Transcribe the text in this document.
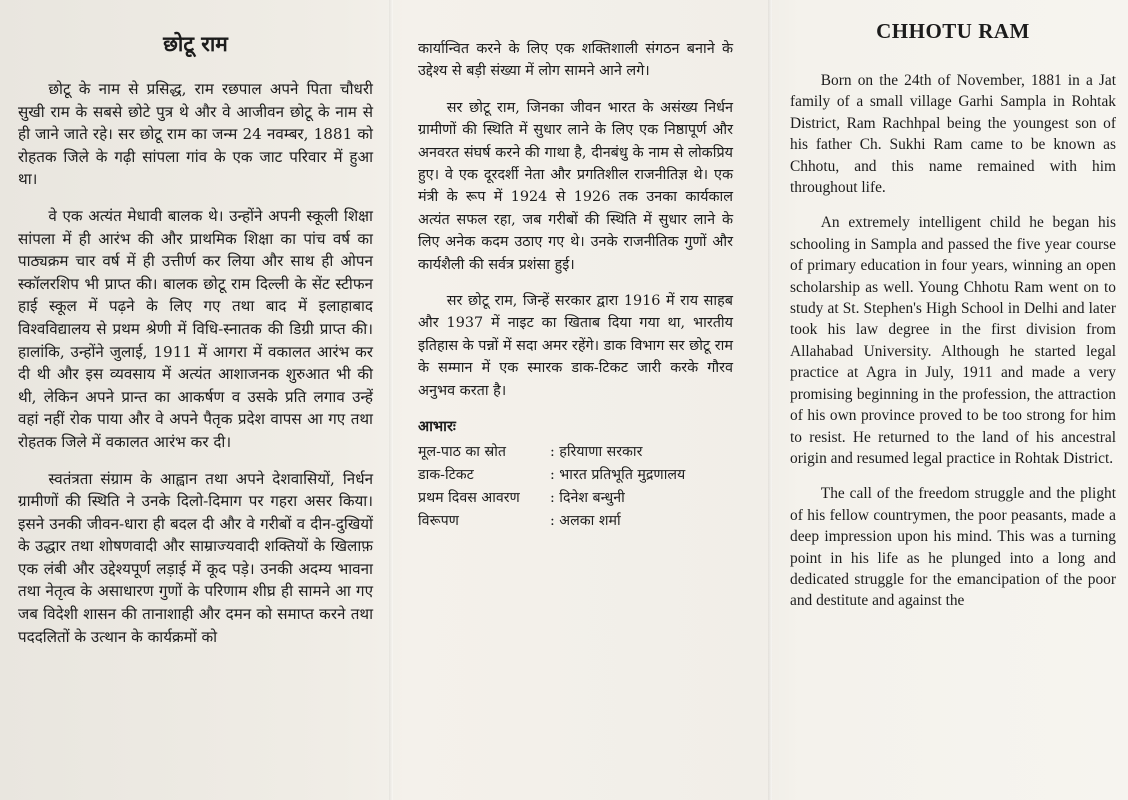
छोटू राम

छोटू के नाम से प्रसिद्ध, राम रछपाल अपने पिता चौधरी सुखी राम के सबसे छोटे पुत्र थे और वे आजीवन छोटू के नाम से ही जाने जाते रहे। सर छोटू राम का जन्म 24 नवम्बर, 1881 को रोहतक जिले के गढ़ी सांपला गांव के एक जाट परिवार में हुआ था।

वे एक अत्यंत मेधावी बालक थे। उन्होंने अपनी स्कूली शिक्षा सांपला में ही आरंभ की और प्राथमिक शिक्षा का पांच वर्ष का पाठ्यक्रम चार वर्ष में ही उत्तीर्ण कर लिया और साथ ही ओपन स्कॉलरशिप भी प्राप्त की। बालक छोटू राम दिल्ली के सेंट स्टीफन हाई स्कूल में पढ़ने के लिए गए तथा बाद में इलाहाबाद विश्वविद्यालय से प्रथम श्रेणी में विधि-स्नातक की डिग्री प्राप्त की। हालांकि, उन्होंने जुलाई, 1911 में आगरा में वकालत आरंभ कर दी थी और इस व्यवसाय में अत्यंत आशाजनक शुरुआत भी की थी, लेकिन अपने प्रान्त का आकर्षण व उसके प्रति लगाव उन्हें वहां नहीं रोक पाया और वे अपने पैतृक प्रदेश वापस आ गए तथा रोहतक जिले में वकालत आरंभ कर दी।

स्वतंत्रता संग्राम के आह्वान तथा अपने देशवासियों, निर्धन ग्रामीणों की स्थिति ने उनके दिलो-दिमाग पर गहरा असर किया। इसने उनकी जीवन-धारा ही बदल दी और वे गरीबों व दीन-दुखियों के उद्धार तथा शोषणवादी और साम्राज्यवादी शक्तियों के खिलाफ़ एक लंबी और उद्देश्यपूर्ण लड़ाई में कूद पड़े। उनकी अदम्य भावना तथा नेतृत्व के असाधारण गुणों के परिणाम शीघ्र ही सामने आ गए जब विदेशी शासन की तानाशाही और दमन को समाप्त करने तथा पददलितों के उत्थान के कार्यक्रमों को

कार्यान्वित करने के लिए एक शक्तिशाली संगठन बनाने के उद्देश्य से बड़ी संख्या में लोग सामने आने लगे।

सर छोटू राम, जिनका जीवन भारत के असंख्य निर्धन ग्रामीणों की स्थिति में सुधार लाने के लिए एक निष्ठापूर्ण और अनवरत संघर्ष करने की गाथा है, दीनबंधु के नाम से लोकप्रिय हुए। वे एक दूरदर्शी नेता और प्रगतिशील राजनीतिज्ञ थे। एक मंत्री के रूप में 1924 से 1926 तक उनका कार्यकाल अत्यंत सफल रहा, जब गरीबों की स्थिति में सुधार लाने के लिए अनेक कदम उठाए गए थे। उनके राजनीतिक गुणों और कार्यशैली की सर्वत्र प्रशंसा हुई।

सर छोटू राम, जिन्हें सरकार द्वारा 1916 में राय साहब और 1937 में नाइट का खिताब दिया गया था, भारतीय इतिहास के पन्नों में सदा अमर रहेंगे। डाक विभाग सर छोटू राम के सम्मान में एक स्मारक डाक-टिकट जारी करके गौरव अनुभव करता है।

आभारः
मूल-पाठ का स्रोत	: हरियाणा सरकार
डाक-टिकट	: भारत प्रतिभूति मुद्रणालय
प्रथम दिवस आवरण	: दिनेश बन्धुनी
विरूपण	: अलका शर्मा
CHHOTU RAM

Born on the 24th of November, 1881 in a Jat family of a small village Garhi Sampla in Rohtak District, Ram Rachhpal being the youngest son of his father Ch. Sukhi Ram came to be known as Chhotu, and this name remained with him throughout life.

An extremely intelligent child he began his schooling in Sampla and passed the five year course of primary education in four years, winning an open scholarship as well. Young Chhotu Ram went on to study at St. Stephen's High School in Delhi and later took his law degree in the first division from Allahabad University. Although he started legal practice at Agra in July, 1911 and made a very promising beginning in the profession, the attraction of his own province proved to be too strong for him to resist. He returned to the land of his ancestral origin and resumed legal practice in Rohtak District.

The call of the freedom struggle and the plight of his fellow countrymen, the poor peasants, made a deep impression upon his mind. This was a turning point in his life as he plunged into a long and dedicated struggle for the emancipation of the poor and destitute and against the
